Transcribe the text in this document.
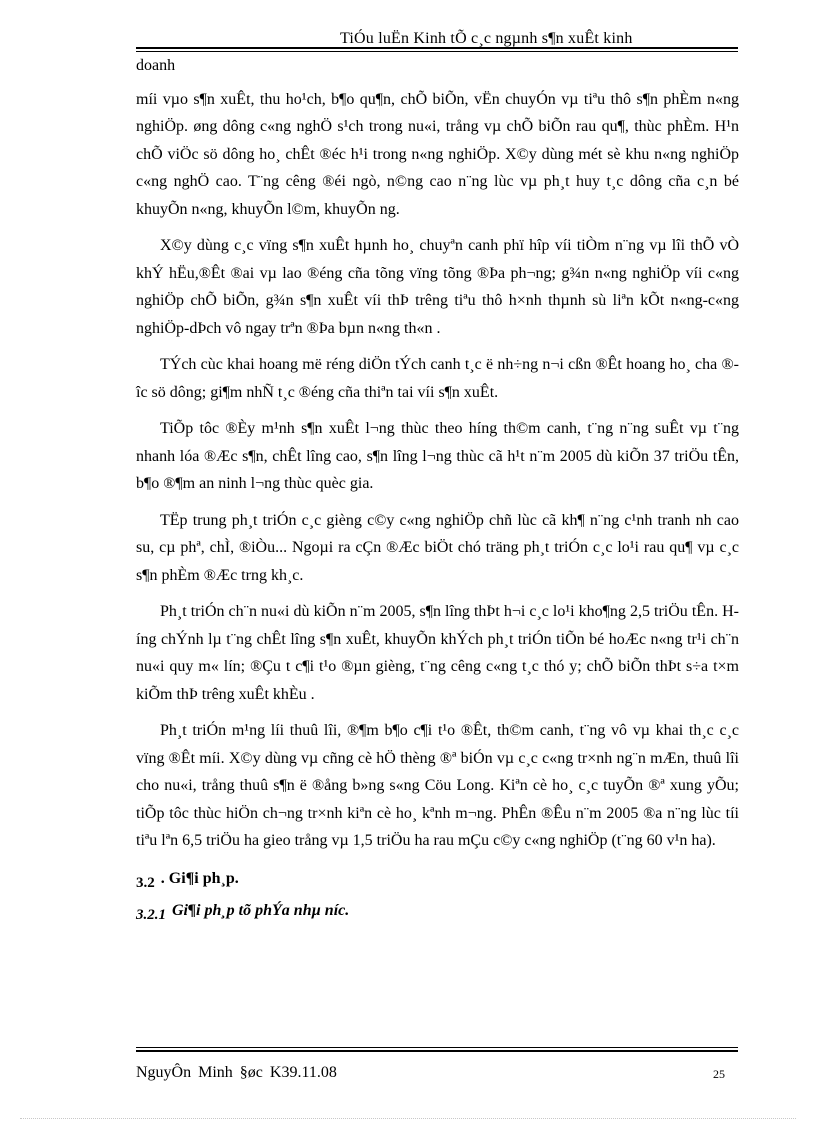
TiÓu luËn Kinh tÕ c¸c ngµnh s¶n xuÊt kinh

doanh

míi vµo s¶n xuÊt, thu ho¹ch, b¶o qu¶n, chÕ biÕn, vËn chuyÓn vµ tiªu thô s¶n phÈm n«ng nghiÖp. øng dông c«ng nghÖ s¹ch trong nu«i, trång vµ chÕ biÕn rau qu¶, thùc phÈm. H¹n chÕ viÖc sö dông ho¸ chÊt ®éc h¹i trong n«ng nghiÖp. X©y dùng mét sè khu n«ng nghiÖp c«ng nghÖ cao. T¨ng cêng ®éi ngò, n©ng cao n¨ng lùc vµ ph¸t huy t¸c dông cña c¸n bé khuyÕn n«ng, khuyÕn l©m, khuyÕn ng.

X©y dùng c¸c vïng s¶n xuÊt hµnh ho¸ chuyªn canh phï hîp víi tiÒm n¨ng vµ lîi thÕ vÒ khÝ hËu,®Êt ®ai vµ lao ®éng cña tõng vïng tõng ®Þa ph¬ng; g¾n n«ng nghiÖp víi c«ng nghiÖp chÕ biÕn, g¾n s¶n xuÊt víi thÞ trêng tiªu thô h×nh thµnh sù liªn kÕt n«ng-c«ng nghiÖp-dÞch vô ngay trªn ®Þa bµn n«ng th«n .

TÝch cùc khai hoang më réng diÖn tÝch canh t¸c ë nh÷ng n¬i cßn ®Êt hoang ho¸ cha ®îc sö dông; gi¶m nhÑ t¸c ®éng cña thiªn tai víi s¶n xuÊt.

TiÕp tôc ®Èy m¹nh s¶n xuÊt l¬ng thùc theo híng th©m canh, t¨ng n¨ng suÊt vµ t¨ng nhanh lóa ®Æc s¶n, chÊt lîng cao, s¶n lîng l¬ng thùc cã h¹t n¨m 2005 dù kiÕn 37 triÖu tÊn, b¶o ®¶m an ninh l¬ng thùc quèc gia.

TËp trung ph¸t triÓn c¸c gièng c©y c«ng nghiÖp chñ lùc cã kh¶ n¨ng c¹nh tranh nh cao su, cµ phª, chÌ, ®iÒu... Ngoµi ra cÇn ®Æc biÖt chó träng ph¸t triÓn c¸c lo¹i rau qu¶ vµ c¸c s¶n phÈm ®Æc trng kh¸c.

Ph¸t triÓn ch¨n nu«i dù kiÕn n¨m 2005, s¶n lîng thÞt h¬i c¸c lo¹i kho¶ng 2,5 triÖu tÊn. Híng chÝnh lµ t¨ng chÊt lîng s¶n xuÊt, khuyÕn khÝch ph¸t triÓn tiÕn bé hoÆc n«ng tr¹i ch¨n nu«i quy m« lín; ®Çu t c¶i t¹o ®µn gièng, t¨ng cêng c«ng t¸c thó y; chÕ biÕn thÞt s÷a t×m kiÕm thÞ trêng xuÊt khÈu .

Ph¸t triÓn m¹ng líi thuû lîi, ®¶m b¶o c¶i t¹o ®Êt, th©m canh, t¨ng vô vµ khai th¸c c¸c vïng ®Êt míi. X©y dùng vµ cñng cè hÖ thèng ®ª biÓn vµ c¸c c«ng tr×nh ng¨n mÆn, thuû lîi cho nu«i, trång thuû s¶n ë ®ång b»ng s«ng Cöu Long. Kiªn cè ho¸ c¸c tuyÕn ®ª xung yÕu; tiÕp tôc thùc hiÖn ch¬ng tr×nh kiªn cè ho¸ kªnh m¬ng. PhÊn ®Êu n¨m 2005 ®a n¨ng lùc tíi tiªu lªn 6,5 triÖu ha gieo trång vµ 1,5 triÖu ha rau mÇu c©y c«ng nghiÖp (t¨ng 60 v¹n ha).

3.2 . Gi¶i ph¸p.
3.2.1 Gi¶i ph¸p tõ phÝa nhµ níc.
NguyÔn Minh §øc K39.11.08	25
